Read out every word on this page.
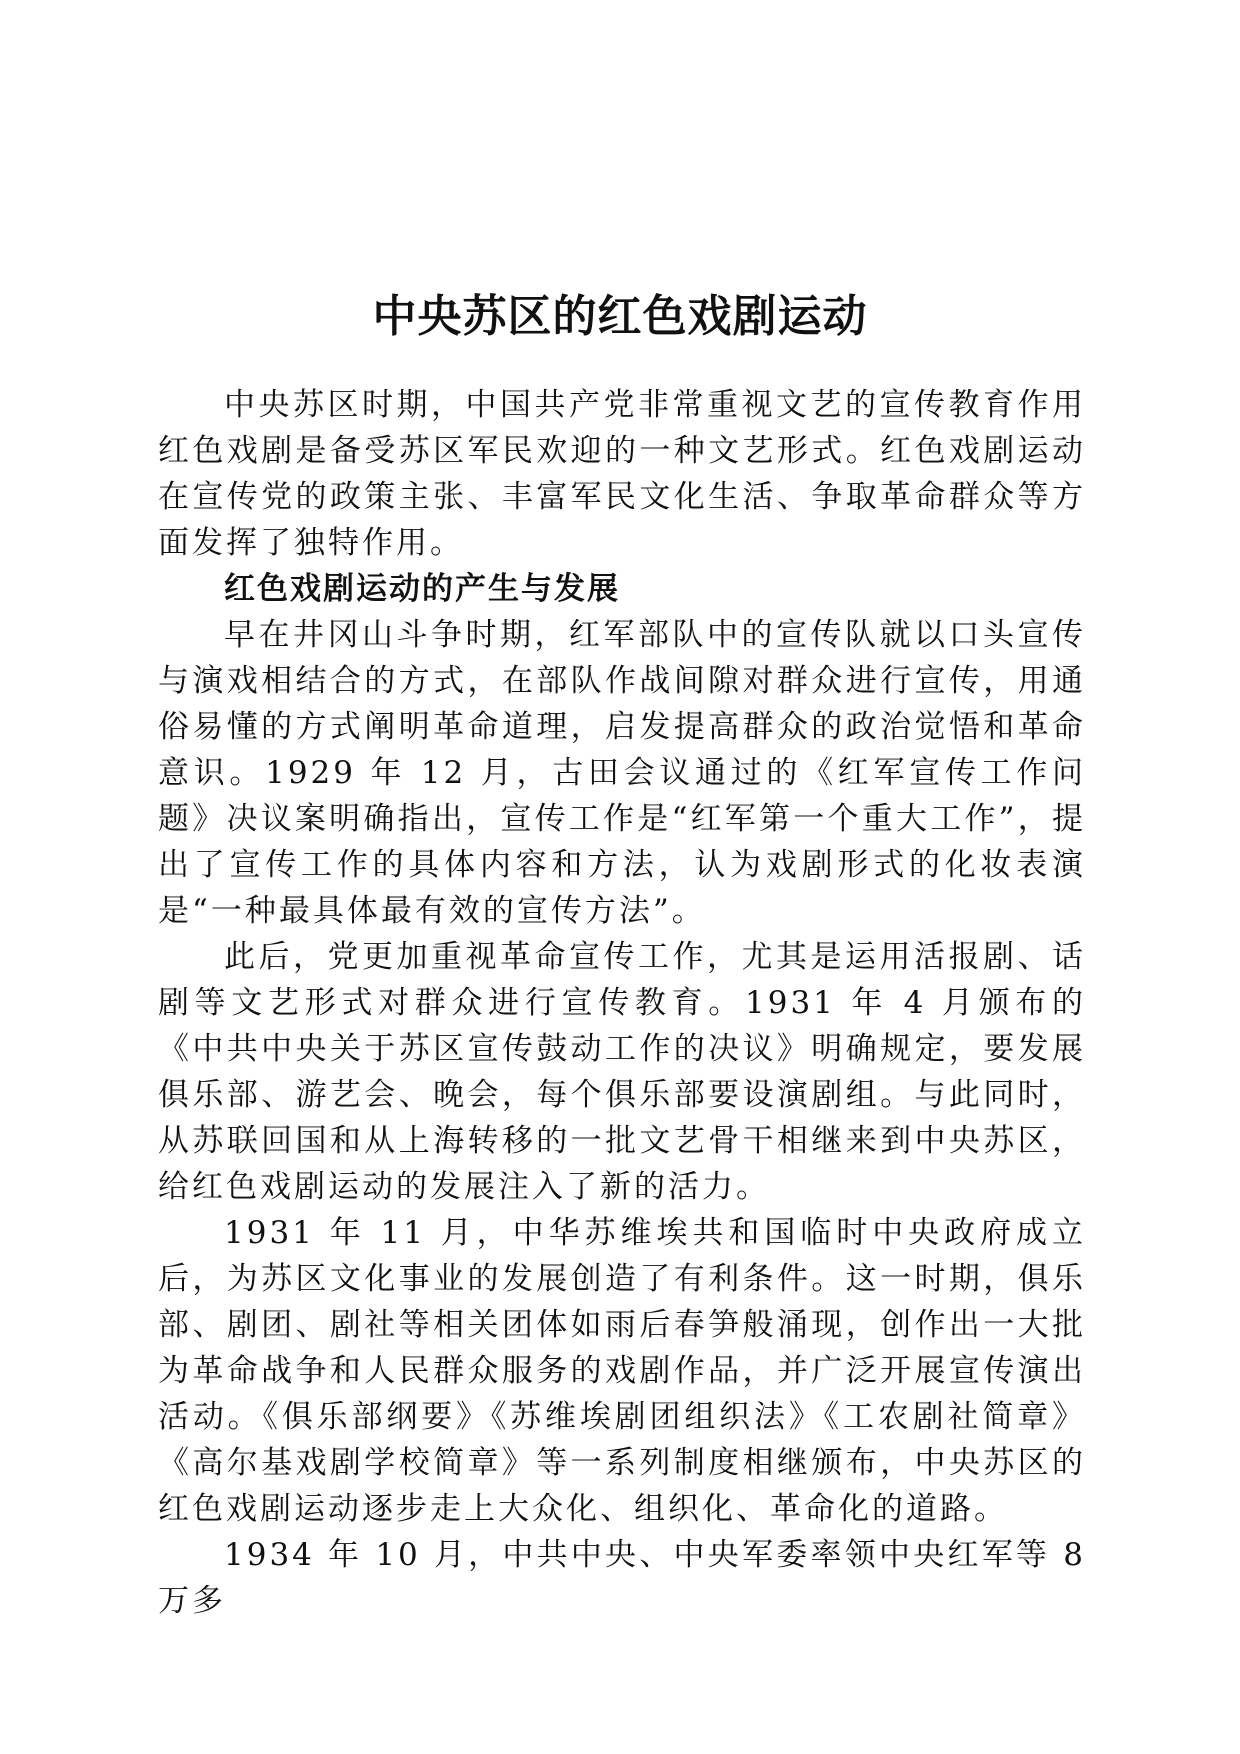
中央苏区的红色戏剧运动

中央苏区时期，中国共产党非常重视文艺的宣传教育作用红色戏剧是备受苏区军民欢迎的一种文艺形式。红色戏剧运动在宣传党的政策主张、丰富军民文化生活、争取革命群众等方面发挥了独特作用。

红色戏剧运动的产生与发展

早在井冈山斗争时期，红军部队中的宣传队就以口头宣传与演戏相结合的方式，在部队作战间隙对群众进行宣传，用通俗易懂的方式阐明革命道理，启发提高群众的政治觉悟和革命意识。1929 年 12 月，古田会议通过的《红军宣传工作问题》决议案明确指出，宣传工作是“红军第一个重大工作”，提出了宣传工作的具体内容和方法，认为戏剧形式的化妆表演是“一种最具体最有效的宣传方法”。

此后，党更加重视革命宣传工作，尤其是运用活报剧、话剧等文艺形式对群众进行宣传教育。1931 年 4 月颁布的《中共中央关于苏区宣传鼓动工作的决议》明确规定，要发展俱乐部、游艺会、晚会，每个俱乐部要设演剧组。与此同时，从苏联回国和从上海转移的一批文艺骨干相继来到中央苏区，给红色戏剧运动的发展注入了新的活力。

1931 年 11 月，中华苏维埃共和国临时中央政府成立后，为苏区文化事业的发展创造了有利条件。这一时期，俱乐部、剧团、剧社等相关团体如雨后春笋般涌现，创作出一大批为革命战争和人民群众服务的戏剧作品，并广泛开展宣传演出活动。《俱乐部纲要》《苏维埃剧团组织法》《工农剧社简章》《高尔基戏剧学校简章》等一系列制度相继颁布，中央苏区的红色戏剧运动逐步走上大众化、组织化、革命化的道路。

1934 年 10 月，中共中央、中央军委率领中央红军等 8 万多
